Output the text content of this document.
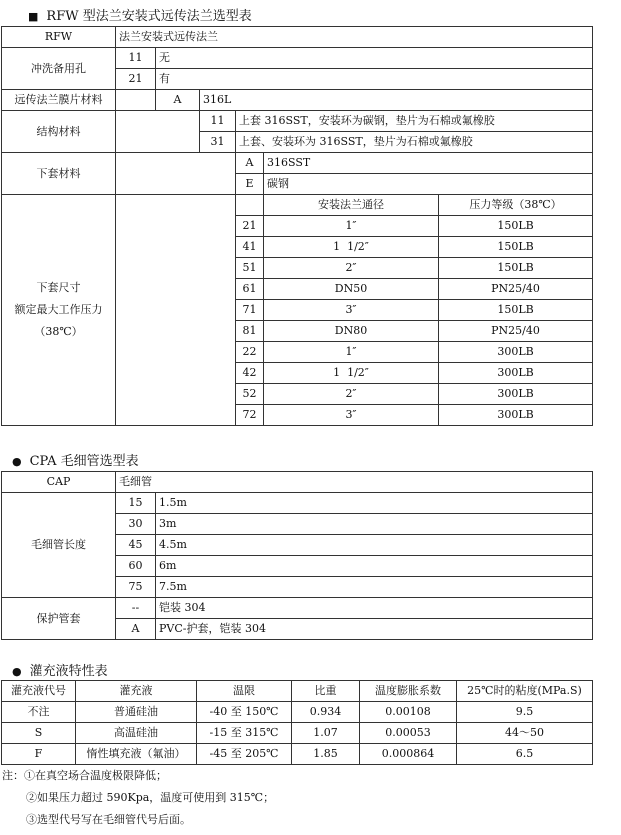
■ RFW 型法兰安装式远传法兰选型表
RFW	法兰安装式远传法兰					
冲洗备用孔	11	无				
	21	有				
远传法兰膜片材料		A	316L			
结构材料			11	上套 316SST，安装环为碳钢，垫片为石棉或氟橡胶		
			31	上套、安装环为 316SST，垫片为石棉或氟橡胶		
下套材料				A	316SST	
				E	碳钢	

下套尺寸
额定最大工作压力
（38℃）					安装法兰通径	压力等级（38℃）
				21	1″	150LB
				41	1  1/2″	150LB
				51	2″	150LB
				61	DN50	PN25/40
				71	3″	150LB
				81	DN80	PN25/40
				22	1″	300LB
				42	1  1/2″	300LB
				52	2″	300LB
				72	3″	300LB
● CPA 毛细管选型表
CAP	毛细管	
毛细管长度	15	1.5m
	30	3m
	45	4.5m
	60	6m
	75	7.5m
保护管套	--	铠装 304
	A	PVC-护套，铠装 304
● 灌充液特性表
灌充液代号	灌充液	温限	比重	温度膨胀系数	25℃时的粘度(MPa.S)
不注	普通硅油	-40 至 150℃	0.934	0.00108	9.5
S	高温硅油	-15 至 315℃	1.07	0.00053	44～50
F	惰性填充液（氟油）	-45 至 205℃	1.85	0.000864	6.5
注：①在真空场合温度极限降低；
②如果压力超过 590Kpa，温度可使用到 315℃；
③选型代号写在毛细管代号后面。
